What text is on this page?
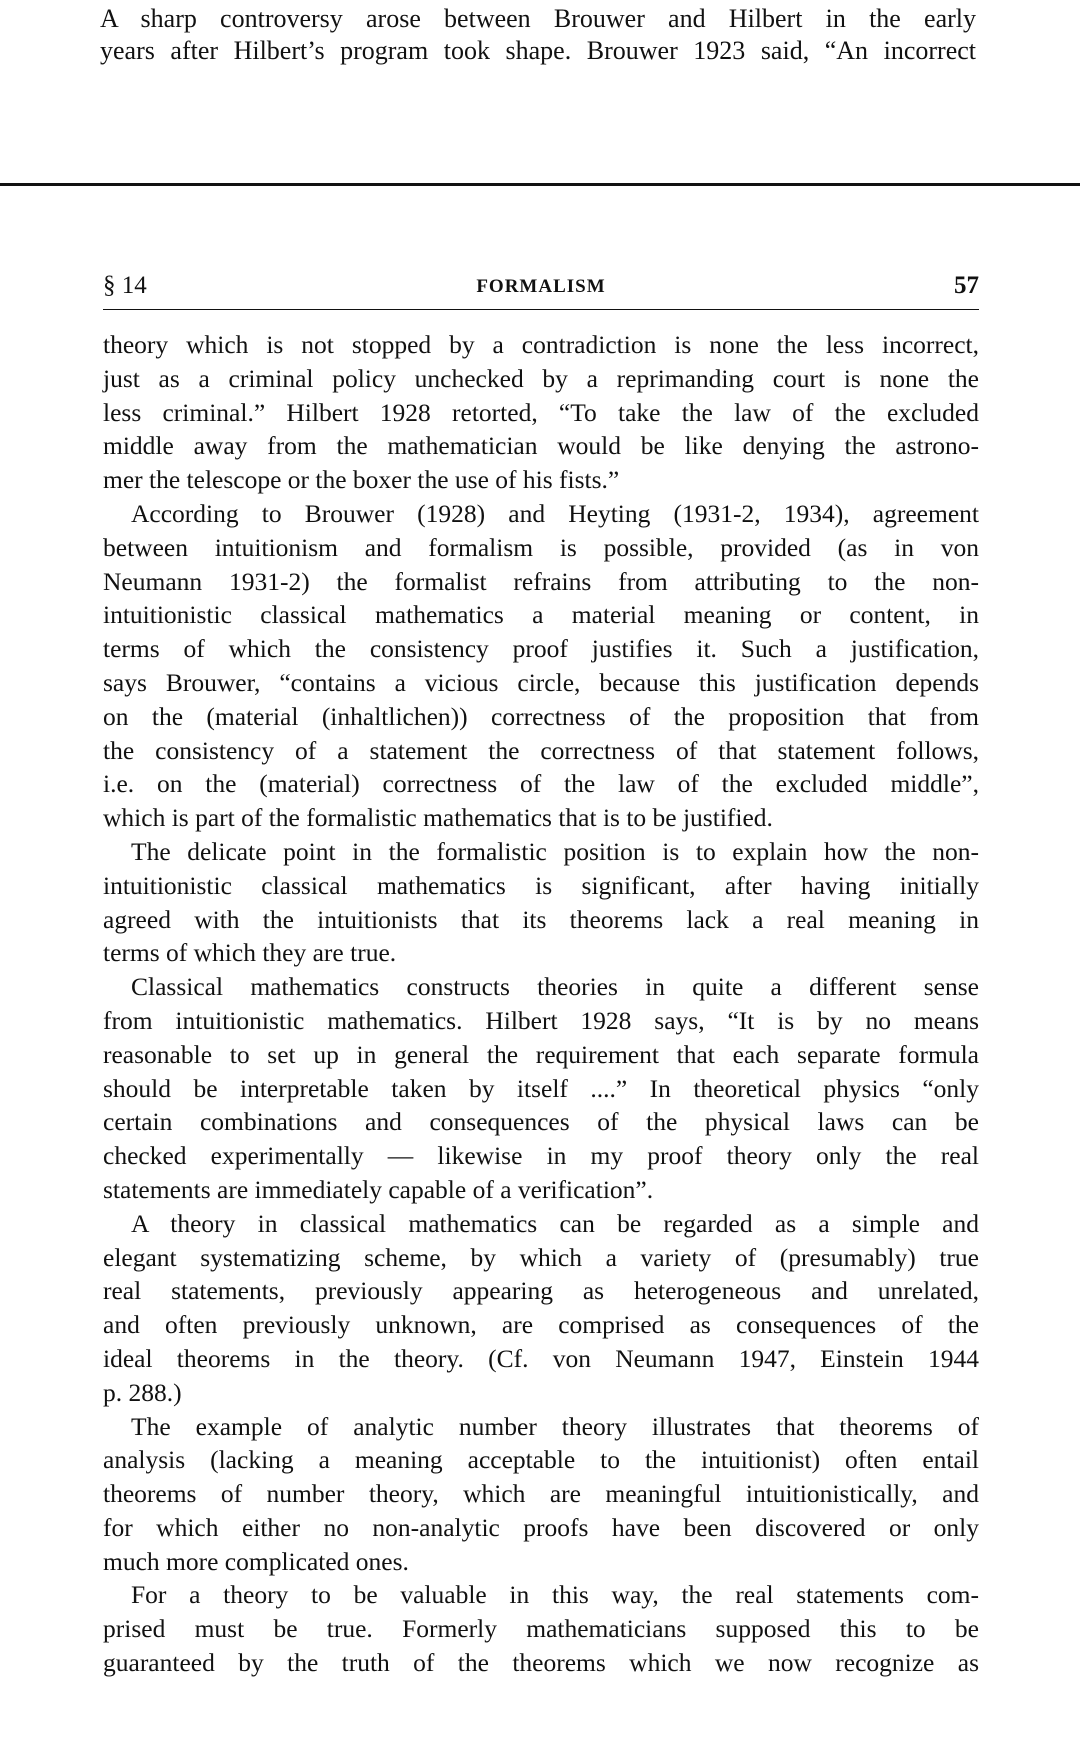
A sharp controversy arose between Brouwer and Hilbert in the early
years after Hilbert’s program took shape. Brouwer 1923 said, “An incorrect
§ 14	FORMALISM	57
theory which is not stopped by a contradiction is none the less incorrect,
just as a criminal policy unchecked by a reprimanding court is none the
less criminal.” Hilbert 1928 retorted, “To take the law of the excluded
middle away from the mathematician would be like denying the astrono-
mer the telescope or the boxer the use of his fists.”
According to Brouwer (1928) and Heyting (1931-2, 1934), agreement
between intuitionism and formalism is possible, provided (as in von
Neumann 1931-2) the formalist refrains from attributing to the non-
intuitionistic classical mathematics a material meaning or content, in
terms of which the consistency proof justifies it. Such a justification,
says Brouwer, “contains a vicious circle, because this justification depends
on the (material (inhaltlichen)) correctness of the proposition that from
the consistency of a statement the correctness of that statement follows,
i.e. on the (material) correctness of the law of the excluded middle”,
which is part of the formalistic mathematics that is to be justified.
The delicate point in the formalistic position is to explain how the non-
intuitionistic classical mathematics is significant, after having initially
agreed with the intuitionists that its theorems lack a real meaning in
terms of which they are true.
Classical mathematics constructs theories in quite a different sense
from intuitionistic mathematics. Hilbert 1928 says, “It is by no means
reasonable to set up in general the requirement that each separate formula
should be interpretable taken by itself ....” In theoretical physics “only
certain combinations and consequences of the physical laws can be
checked experimentally — likewise in my proof theory only the real
statements are immediately capable of a verification”.
A theory in classical mathematics can be regarded as a simple and
elegant systematizing scheme, by which a variety of (presumably) true
real statements, previously appearing as heterogeneous and unrelated,
and often previously unknown, are comprised as consequences of the
ideal theorems in the theory. (Cf. von Neumann 1947, Einstein 1944
p. 288.)
The example of analytic number theory illustrates that theorems of
analysis (lacking a meaning acceptable to the intuitionist) often entail
theorems of number theory, which are meaningful intuitionistically, and
for which either no non-analytic proofs have been discovered or only
much more complicated ones.
For a theory to be valuable in this way, the real statements com-
prised must be true. Formerly mathematicians supposed this to be
guaranteed by the truth of the theorems which we now recognize as
